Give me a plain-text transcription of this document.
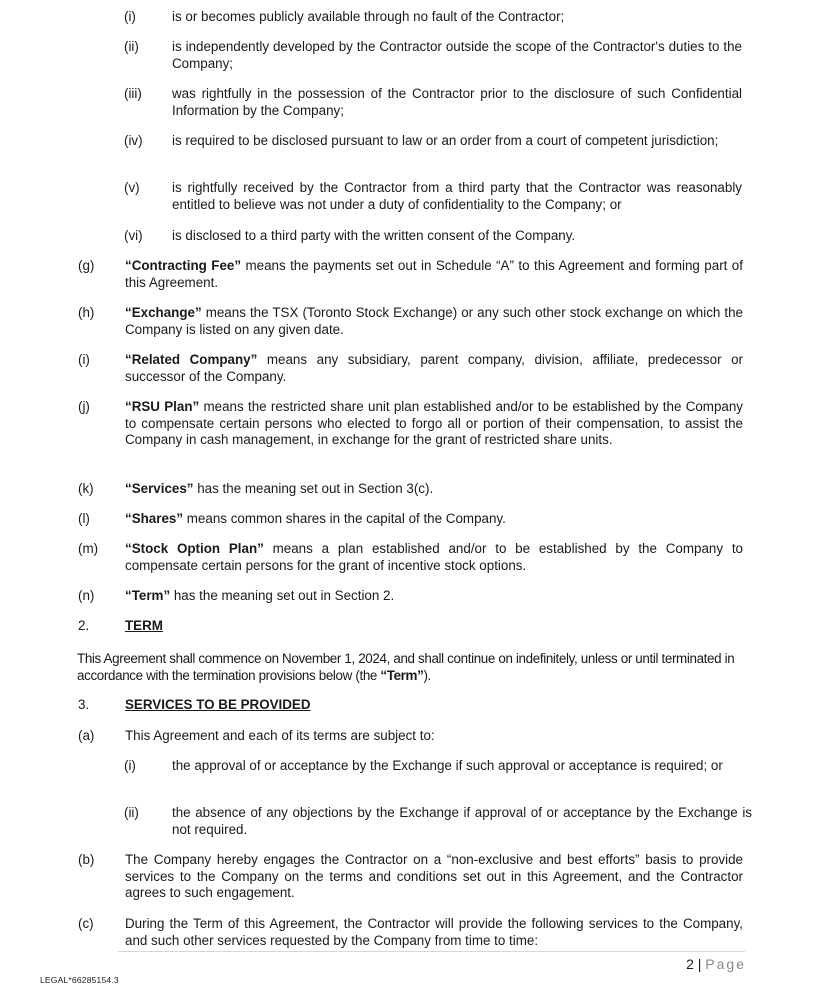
(i)	is or becomes publicly available through no fault of the Contractor;
(ii) is independently developed by the Contractor outside the scope of the Contractor's duties to the Company;
(iii) was rightfully in the possession of the Contractor prior to the disclosure of such Confidential Information by the Company;
(iv) is required to be disclosed pursuant to law or an order from a court of competent jurisdiction;
(v) is rightfully received by the Contractor from a third party that the Contractor was reasonably entitled to believe was not under a duty of confidentiality to the Company; or
(vi) is disclosed to a third party with the written consent of the Company.
(g) “Contracting Fee” means the payments set out in Schedule “A” to this Agreement and forming part of this Agreement.
(h) “Exchange” means the TSX (Toronto Stock Exchange) or any such other stock exchange on which the Company is listed on any given date.
(i)	“Related Company” means any subsidiary, parent company, division, affiliate, predecessor or successor of the Company.
(j)	“RSU Plan” means the restricted share unit plan established and/or to be established by the Company to compensate certain persons who elected to forgo all or portion of their compensation, to assist the Company in cash management, in exchange for the grant of restricted share units.
(k) “Services” has the meaning set out in Section 3(c).
(l)	“Shares” means common shares in the capital of the Company.
(m) “Stock Option Plan” means a plan established and/or to be established by the Company to compensate certain persons for the grant of incentive stock options.
(n) “Term” has the meaning set out in Section 2.
2.	TERM
This Agreement shall commence on November 1, 2024, and shall continue on indefinitely, unless or until terminated in accordance with the termination provisions below (the “Term”).
3.	SERVICES TO BE PROVIDED
(a) This Agreement and each of its terms are subject to:
(i)	the approval of or acceptance by the Exchange if such approval or acceptance is required; or
(ii) the absence of any objections by the Exchange if approval of or acceptance by the Exchange is not required.
(b) The Company hereby engages the Contractor on a “non-exclusive and best efforts” basis to provide services to the Company on the terms and conditions set out in this Agreement, and the Contractor agrees to such engagement.
(c) During the Term of this Agreement, the Contractor will provide the following services to the Company, and such other services requested by the Company from time to time:
2 | Page
LEGAL*66285154.3
